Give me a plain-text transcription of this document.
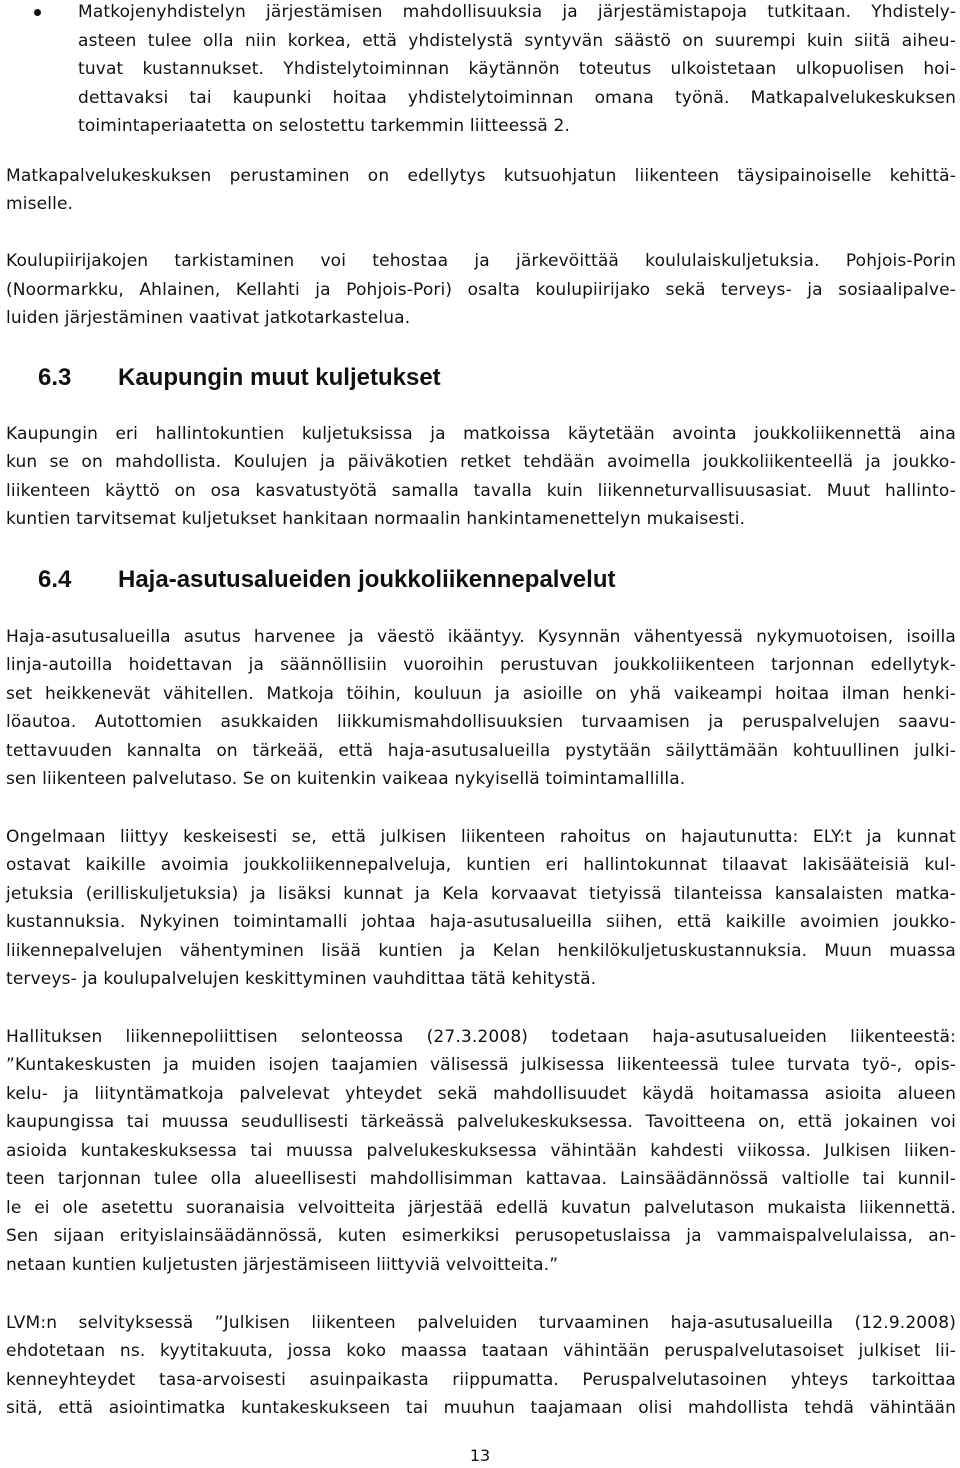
Matkojenyhdistelyn järjestämisen mahdollisuuksia ja järjestämistapoja tutkitaan. Yhdistely-
asteen tulee olla niin korkea, että yhdistelystä syntyvän säästö on suurempi kuin siitä aiheu-
tuvat kustannukset. Yhdistelytoiminnan käytännön toteutus ulkoistetaan ulkopuolisen hoi-
dettavaksi tai kaupunki hoitaa yhdistelytoiminnan omana työnä. Matkapalvelukeskuksen
toimintaperiaatetta on selostettu tarkemmin liitteessä 2.
Matkapalvelukeskuksen perustaminen on edellytys kutsuohjatun liikenteen täysipainoiselle kehittä-
miselle.
Koulupiirijakojen tarkistaminen voi tehostaa ja järkevöittää koululaiskuljetuksia. Pohjois-Porin
(Noormarkku, Ahlainen, Kellahti ja Pohjois-Pori) osalta koulupiirijako sekä terveys- ja sosiaalipalve-
luiden järjestäminen vaativat jatkotarkastelua.
6.3 Kaupungin muut kuljetukset
Kaupungin eri hallintokuntien kuljetuksissa ja matkoissa käytetään avointa joukkoliikennettä aina
kun se on mahdollista. Koulujen ja päiväkotien retket tehdään avoimella joukkoliikenteellä ja joukko-
liikenteen käyttö on osa kasvatustyötä samalla tavalla kuin liikenneturvallisuusasiat. Muut hallinto-
kuntien tarvitsemat kuljetukset hankitaan normaalin hankintamenettelyn mukaisesti.
6.4 Haja-asutusalueiden joukkoliikennepalvelut
Haja-asutusalueilla asutus harvenee ja väestö ikääntyy. Kysynnän vähentyessä nykymuotoisen, isoilla
linja-autoilla hoidettavan ja säännöllisiin vuoroihin perustuvan joukkoliikenteen tarjonnan edellytyk-
set heikkenevät vähitellen. Matkoja töihin, kouluun ja asioille on yhä vaikeampi hoitaa ilman henki-
löautoa. Autottomien asukkaiden liikkumismahdollisuuksien turvaamisen ja peruspalvelujen saavu-
tettavuuden kannalta on tärkeää, että haja-asutusalueilla pystytään säilyttämään kohtuullinen julki-
sen liikenteen palvelutaso. Se on kuitenkin vaikeaa nykyisellä toimintamallilla.
Ongelmaan liittyy keskeisesti se, että julkisen liikenteen rahoitus on hajautunutta: ELY:t ja kunnat
ostavat kaikille avoimia joukkoliikennepalveluja, kuntien eri hallintokunnat tilaavat lakisääteisiä kul-
jetuksia (erilliskuljetuksia) ja lisäksi kunnat ja Kela korvaavat tietyissä tilanteissa kansalaisten matka-
kustannuksia. Nykyinen toimintamalli johtaa haja-asutusalueilla siihen, että kaikille avoimien joukko-
liikennepalvelujen vähentyminen lisää kuntien ja Kelan henkilökuljetuskustannuksia. Muun muassa
terveys- ja koulupalvelujen keskittyminen vauhdittaa tätä kehitystä.
Hallituksen liikennepoliittisen selonteossa (27.3.2008) todetaan haja-asutusalueiden liikenteestä:
”Kuntakeskusten ja muiden isojen taajamien välisessä julkisessa liikenteessä tulee turvata työ-, opis-
kelu- ja liityntämatkoja palvelevat yhteydet sekä mahdollisuudet käydä hoitamassa asioita alueen
kaupungissa tai muussa seudullisesti tärkeässä palvelukeskuksessa. Tavoitteena on, että jokainen voi
asioida kuntakeskuksessa tai muussa palvelukeskuksessa vähintään kahdesti viikossa. Julkisen liiken-
teen tarjonnan tulee olla alueellisesti mahdollisimman kattavaa. Lainsäädännössä valtiolle tai kunnil-
le ei ole asetettu suoranaisia velvoitteita järjestää edellä kuvatun palvelutason mukaista liikennettä.
Sen sijaan erityislainsäädännössä, kuten esimerkiksi perusopetuslaissa ja vammaispalvelulaissa, an-
netaan kuntien kuljetusten järjestämiseen liittyviä velvoitteita.”
LVM:n selvityksessä ”Julkisen liikenteen palveluiden turvaaminen haja-asutusalueilla (12.9.2008)
ehdotetaan ns. kyytitakuuta, jossa koko maassa taataan vähintään peruspalvelutasoiset julkiset lii-
kenneyhteydet tasa-arvoisesti asuinpaikasta riippumatta. Peruspalvelutasoinen yhteys tarkoittaa
sitä, että asiointimatka kuntakeskukseen tai muuhun taajamaan olisi mahdollista tehdä vähintään
13
